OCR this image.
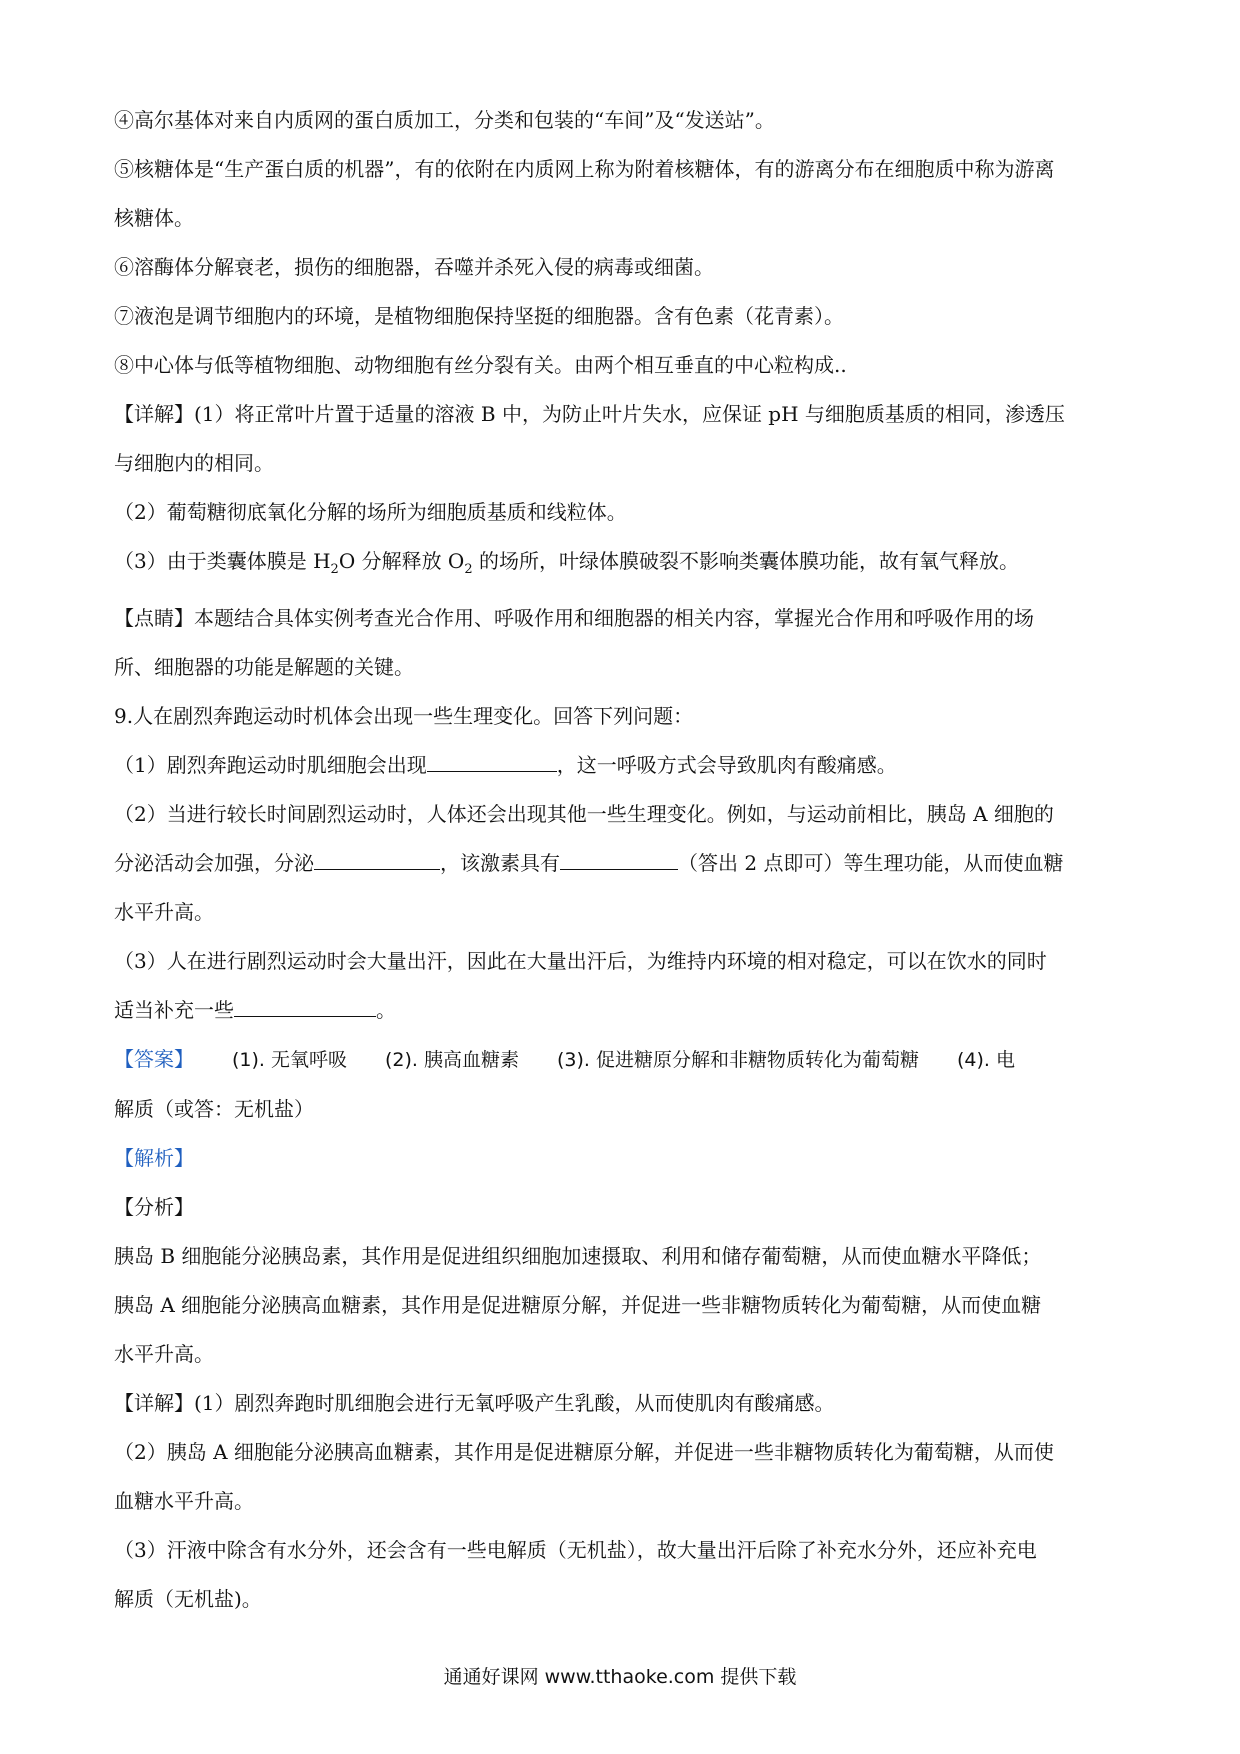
④高尔基体对来自内质网的蛋白质加工，分类和包装的“车间”及“发送站”。
⑤核糖体是“生产蛋白质的机器”，有的依附在内质网上称为附着核糖体，有的游离分布在细胞质中称为游离
核糖体。
⑥溶酶体分解衰老，损伤的细胞器，吞噬并杀死入侵的病毒或细菌。
⑦液泡是调节细胞内的环境，是植物细胞保持坚挺的细胞器。含有色素（花青素）。
⑧中心体与低等植物细胞、动物细胞有丝分裂有关。由两个相互垂直的中心粒构成..
【详解】(1）将正常叶片置于适量的溶液 B 中，为防止叶片失水，应保证 pH 与细胞质基质的相同，渗透压
与细胞内的相同。
（2）葡萄糖彻底氧化分解的场所为细胞质基质和线粒体。
（3）由于类囊体膜是 $H_2O$ 分解释放 $O_2$ 的场所，叶绿体膜破裂不影响类囊体膜功能，故有氧气释放。
【点睛】本题结合具体实例考查光合作用、呼吸作用和细胞器的相关内容，掌握光合作用和呼吸作用的场
所、细胞器的功能是解题的关键。
9.人在剧烈奔跑运动时机体会出现一些生理变化。回答下列问题：
（1）剧烈奔跑运动时肌细胞会出现	，这一呼吸方式会导致肌肉有酸痛感。
（2）当进行较长时间剧烈运动时，人体还会出现其他一些生理变化。例如，与运动前相比，胰岛 A 细胞的
分泌活动会加强，分泌	，该激素具有	（答出 2 点即可）等生理功能，从而使血糖
水平升高。
（3）人在进行剧烈运动时会大量出汗，因此在大量出汗后，为维持内环境的相对稳定，可以在饮水的同时
适当补充一些	。
【答案】 (1). 无氧呼吸 (2). 胰高血糖素 (3). 促进糖原分解和非糖物质转化为葡萄糖 (4). 电
解质（或答：无机盐）
【解析】
【分析】
胰岛 B 细胞能分泌胰岛素，其作用是促进组织细胞加速摄取、利用和储存葡萄糖，从而使血糖水平降低；
胰岛 A 细胞能分泌胰高血糖素，其作用是促进糖原分解，并促进一些非糖物质转化为葡萄糖，从而使血糖
水平升高。
【详解】(1）剧烈奔跑时肌细胞会进行无氧呼吸产生乳酸，从而使肌肉有酸痛感。
（2）胰岛 A 细胞能分泌胰高血糖素，其作用是促进糖原分解，并促进一些非糖物质转化为葡萄糖，从而使
血糖水平升高。
（3）汗液中除含有水分外，还会含有一些电解质（无机盐），故大量出汗后除了补充水分外，还应补充电
解质（无机盐)。
通通好课网 www.tthaoke.com 提供下载
